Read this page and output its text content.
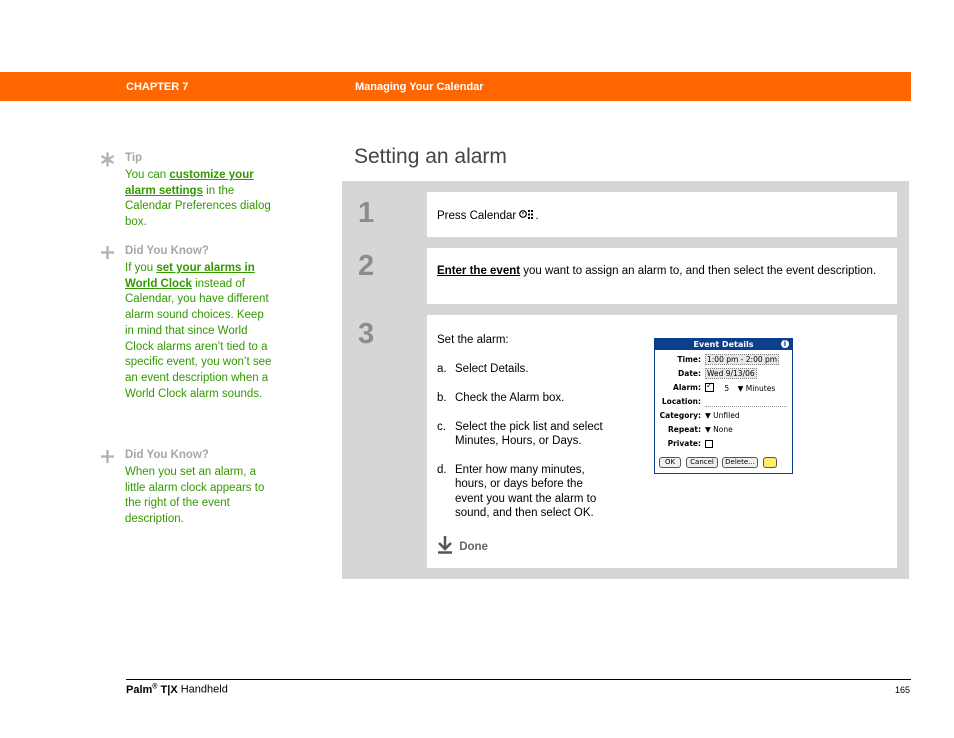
CHAPTER 7	Managing Your Calendar
Tip
You can customize your alarm settings in the Calendar Preferences dialog box.
Did You Know?
If you set your alarms in World Clock instead of Calendar, you have different alarm sound choices. Keep in mind that since World Clock alarms aren’t tied to a specific event, you won’t see an event description when a World Clock alarm sounds.
Did You Know?
When you set an alarm, a little alarm clock appears to the right of the event description.
Setting an alarm
1	Press Calendar .
2	Enter the event you want to assign an alarm to, and then select the event description.
3	Set the alarm:
a. Select Details.
b. Check the Alarm box.
c. Select the pick list and select
Minutes, Hours, or Days.
d. Enter how many minutes,
hours, or days before the
event you want the alarm to
sound, and then select OK.
Done
Event Details	i
Time: 1:00 pm - 2:00 pm
Date: Wed 9/13/06
Alarm: ✓ 5 ▼ Minutes
Location:
Category: ▼ Unfiled
Repeat: ▼ None
Private:
OK	Cancel	Delete...
Palm® T|X Handheld	165
